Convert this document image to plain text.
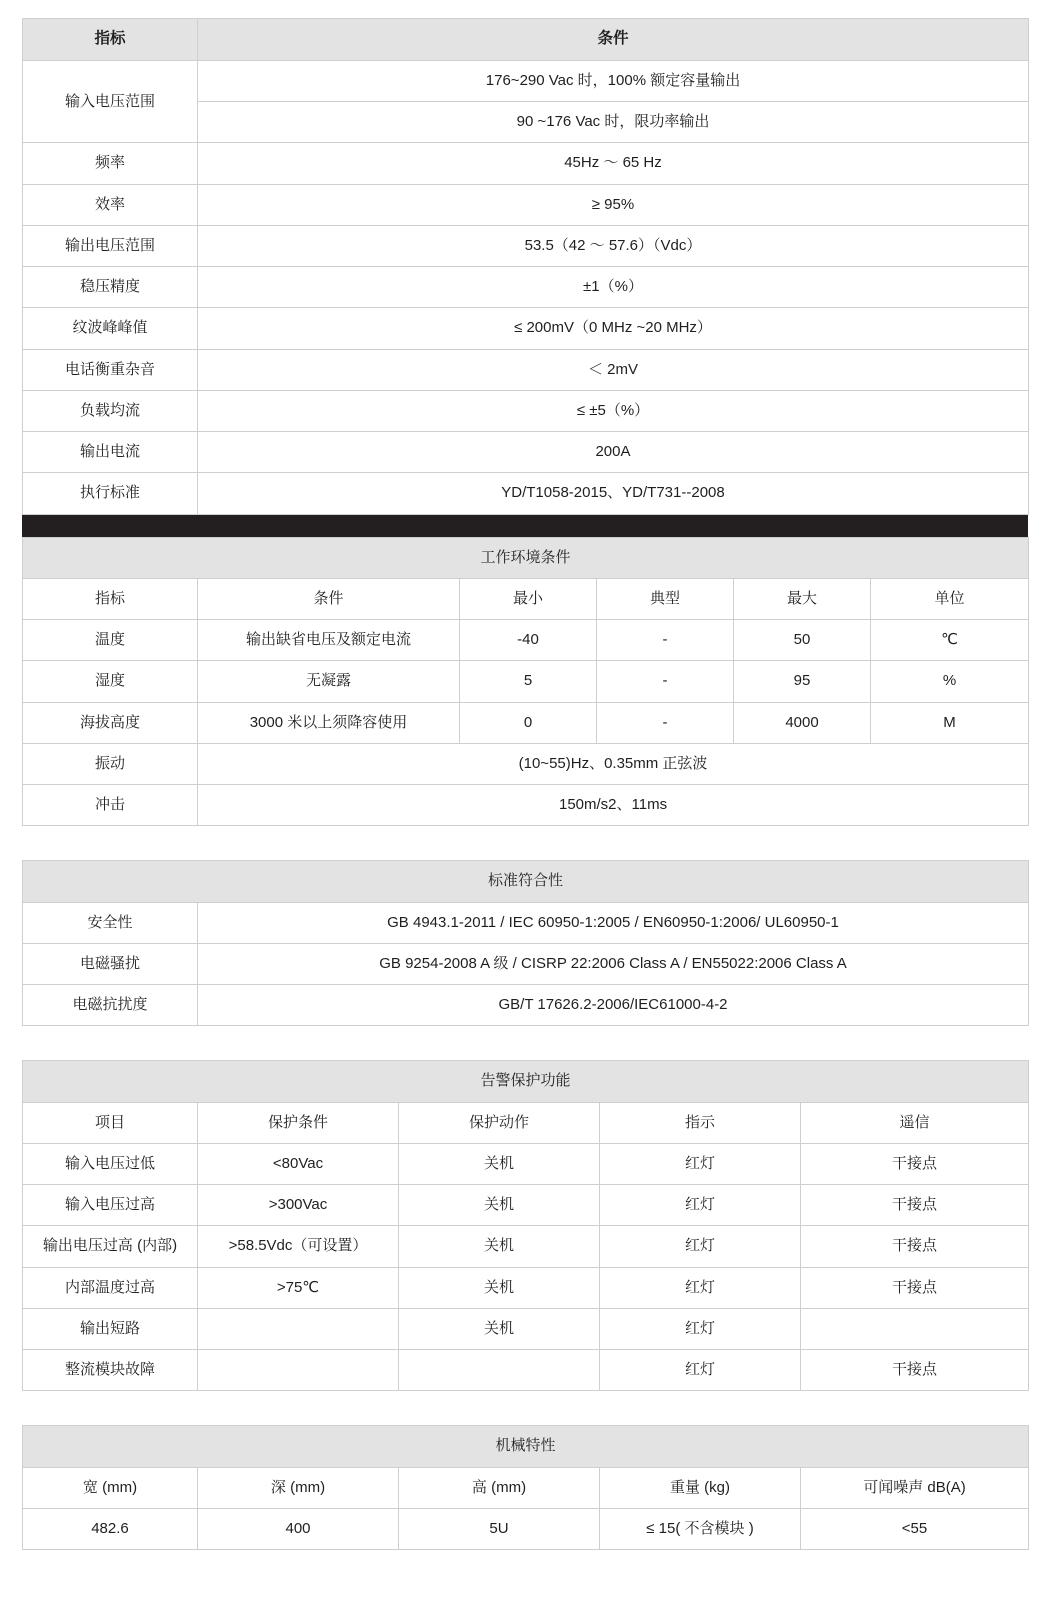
指标	条件
输入电压范围	176~290 Vac 时，100% 额定容量输出
	90 ~176 Vac 时，限功率输出
频率	45Hz 〜 65 Hz
效率	≥ 95%
输出电压范围	53.5（42 〜 57.6）（Vdc）
稳压精度	±1（%）
纹波峰峰值	≤ 200mV（0 MHz ~20 MHz）
电话衡重杂音	＜ 2mV
负载均流	≤ ±5（%）
输出电流	200A
执行标准	YD/T1058-2015、YD/T731--2008
工作环境条件					
指标	条件	最小	典型	最大	单位
温度	输出缺省电压及额定电流	-40	-	50	℃
湿度	无凝露	5	-	95	%
海拔高度	3000 米以上须降容使用	0	-	4000	M
振动	(10~55)Hz、0.35mm 正弦波				
冲击	150m/s2、11ms				
标准符合性	
安全性	GB 4943.1-2011 / IEC 60950-1:2005 / EN60950-1:2006/ UL60950-1
电磁骚扰	GB 9254-2008 A 级 / CISRP 22:2006 Class A / EN55022:2006 Class A
电磁抗扰度	GB/T 17626.2-2006/IEC61000-4-2
告警保护功能				
项目	保护条件	保护动作	指示	遥信
输入电压过低	<80Vac	关机	红灯	干接点
输入电压过高	>300Vac	关机	红灯	干接点
输出电压过高 (内部)	>58.5Vdc（可设置）	关机	红灯	干接点
内部温度过高	>75℃	关机	红灯	干接点
输出短路		关机	红灯	
整流模块故障			红灯	干接点
机械特性				
宽 (mm)	深 (mm)	高 (mm)	重量 (kg)	可闻噪声 dB(A)
482.6	400	5U	≤ 15( 不含模块 )	<55
